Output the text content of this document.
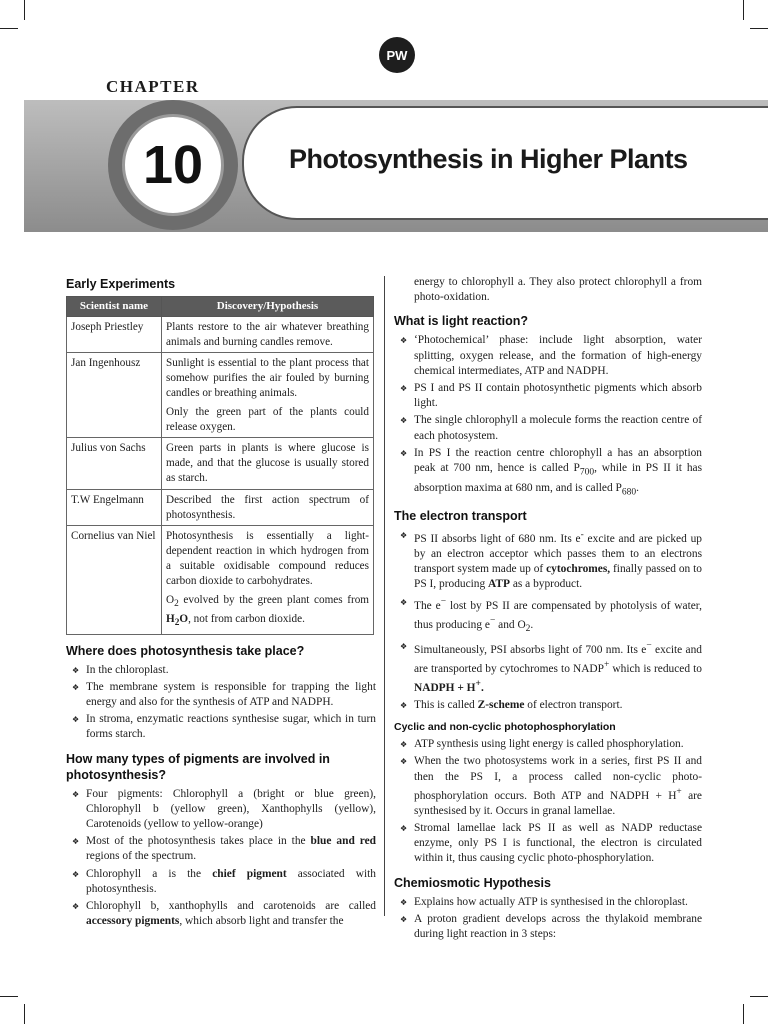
PW
CHAPTER
10	Photosynthesis in Higher Plants
Early Experiments
Scientist name	Discovery/Hypothesis
Joseph Priestley	Plants restore to the air whatever breathing animals and burning candles remove.

Jan Ingenhousz	Sunlight is essential to the plant process that somehow purifies the air fouled by burning candles or breathing animals.

Only the green part of the plants could release oxygen.

Julius von Sachs	Green parts in plants is where glucose is made, and that the glucose is usually stored as starch.

T.W Engelmann	Described the first action spectrum of photosynthesis.

Cornelius van Niel	Photosynthesis is essentially a light-dependent reaction in which hydrogen from a suitable oxidisable compound reduces carbon dioxide to carbohydrates.

$O_2$ evolved by the green plant comes from $H_2O$, not from carbon dioxide.

Where does photosynthesis take place?
❖ In the chloroplast.
❖ The membrane system is responsible for trapping the light energy and also for the synthesis of ATP and NADPH.
❖ In stroma, enzymatic reactions synthesise sugar, which in turn forms starch.
How many types of pigments are involved in photosynthesis?
❖ Four pigments: Chlorophyll a (bright or blue green), Chlorophyll b (yellow green), Xanthophylls (yellow), Carotenoids (yellow to yellow-orange)
❖ Most of the photosynthesis takes place in the blue and red regions of the spectrum.
❖ Chlorophyll a is the chief pigment associated with photosynthesis.
❖ Chlorophyll b, xanthophylls and carotenoids are called accessory pigments, which absorb light and transfer the

energy to chlorophyll a. They also protect chlorophyll a from photo-oxidation.

What is light reaction?
❖ ‘Photochemical’ phase: include light absorption, water splitting, oxygen release, and the formation of high-energy chemical intermediates, ATP and NADPH.
❖ PS I and PS II contain photosynthetic pigments which absorb light.
❖ The single chlorophyll a molecule forms the reaction centre of each photosystem.
❖ In PS I the reaction centre chlorophyll a has an absorption peak at 700 nm, hence is called $P_{700}$, while in PS II it has absorption maxima at 680 nm, and is called $P_{680}$.
The electron transport
❖ PS II absorbs light of 680 nm. Its e- excite and are picked up by an electron acceptor which passes them to an electrons transport system made up of cytochromes, finally passed on to PS I, producing ATP as a byproduct.
❖ The e− lost by PS II are compensated by photolysis of water, thus producing e− and $O_2$.
❖ Simultaneously, PSI absorbs light of 700 nm. Its e− excite and are transported by cytochromes to NADP+ which is reduced to NADPH + H+.
❖ This is called Z-scheme of electron transport.
Cyclic and non-cyclic photophosphorylation
❖ ATP synthesis using light energy is called phosphorylation.
❖ When the two photosystems work in a series, first PS II and then the PS I, a process called non-cyclic photo-phosphorylation occurs. Both ATP and NADPH + H+ are synthesised by it. Occurs in granal lamellae.
❖ Stromal lamellae lack PS II as well as NADP reductase enzyme, only PS I is functional, the electron is circulated within it, thus causing cyclic photo-phosphorylation.
Chemiosmotic Hypothesis
❖ Explains how actually ATP is synthesised in the chloroplast.
❖ A proton gradient develops across the thylakoid membrane during light reaction in 3 steps:
